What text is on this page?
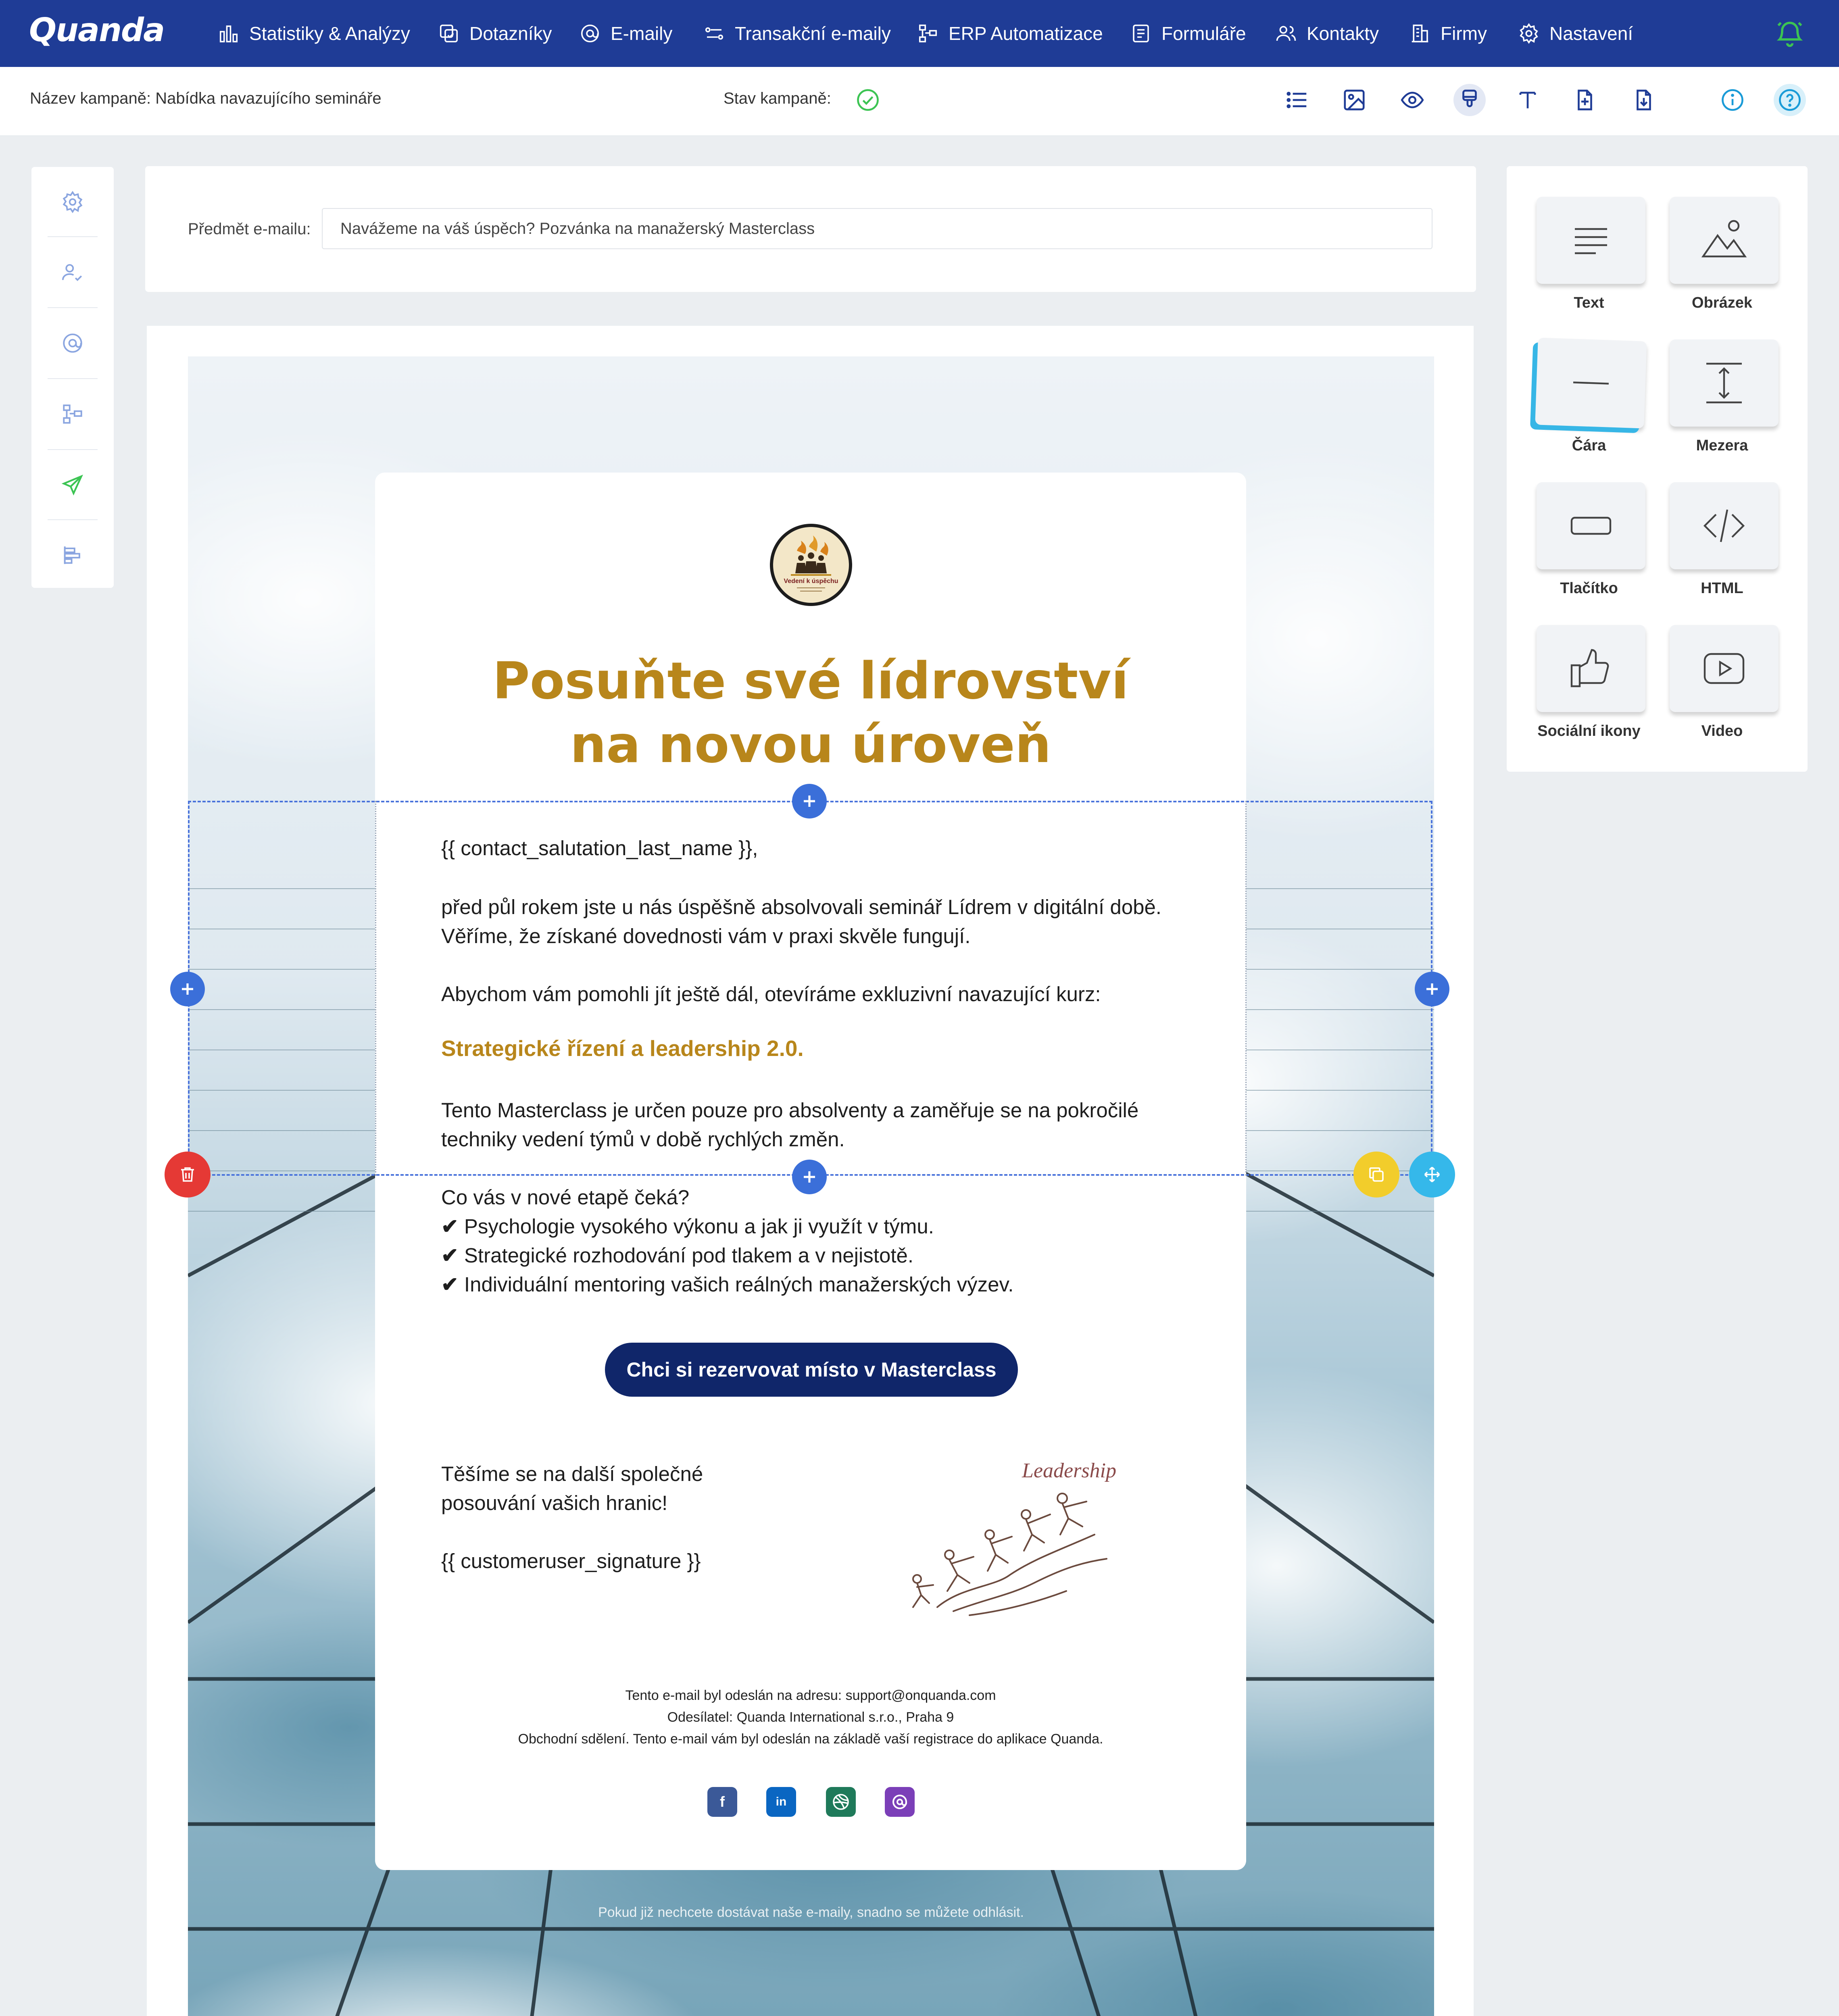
Quanda	Statistiky & Analýzy	Dotazníky	E-maily	Transakční e-maily	ERP Automatizace	Formuláře	Kontakty	Firmy	Nastavení
Název kampaně: Nabídka navazujícího semináře	Stav kampaně:
Předmět e-mailu:
Navážeme na váš úspěch? Pozvánka na manažerský Masterclass
Vedení k úspěchu
Posuňte své lídrovství
na novou úroveň
{{ contact_salutation_last_name }},
před půl rokem jste u nás úspěšně absolvovali seminář Lídrem v digitální době.
Věříme, že získané dovednosti vám v praxi skvěle fungují.
Abychom vám pomohli jít ještě dál, otevíráme exkluzivní navazující kurz:
Strategické řízení a leadership 2.0.
Tento Masterclass je určen pouze pro absolventy a zaměřuje se na pokročilé
techniky vedení týmů v době rychlých změn.
Co vás v nové etapě čeká?
✔ Psychologie vysokého výkonu a jak ji využít v týmu.
✔ Strategické rozhodování pod tlakem a v nejistotě.
✔ Individuální mentoring vašich reálných manažerských výzev.
Chci si rezervovat místo v Masterclass
Těšíme se na další společné
posouvání vašich hranic!
{{ customeruser_signature }}
Leadership
Tento e-mail byl odeslán na adresu: support@onquanda.com
Odesílatel: Quanda International s.r.o., Praha 9
Obchodní sdělení. Tento e-mail vám byl odeslán na základě vaší registrace do aplikace Quanda.
f	in
Pokud již nechcete dostávat naše e-maily, snadno se můžete odhlásit.
Text	Obrázek
Čára	Mezera
Tlačítko	HTML
Sociální ikony	Video
